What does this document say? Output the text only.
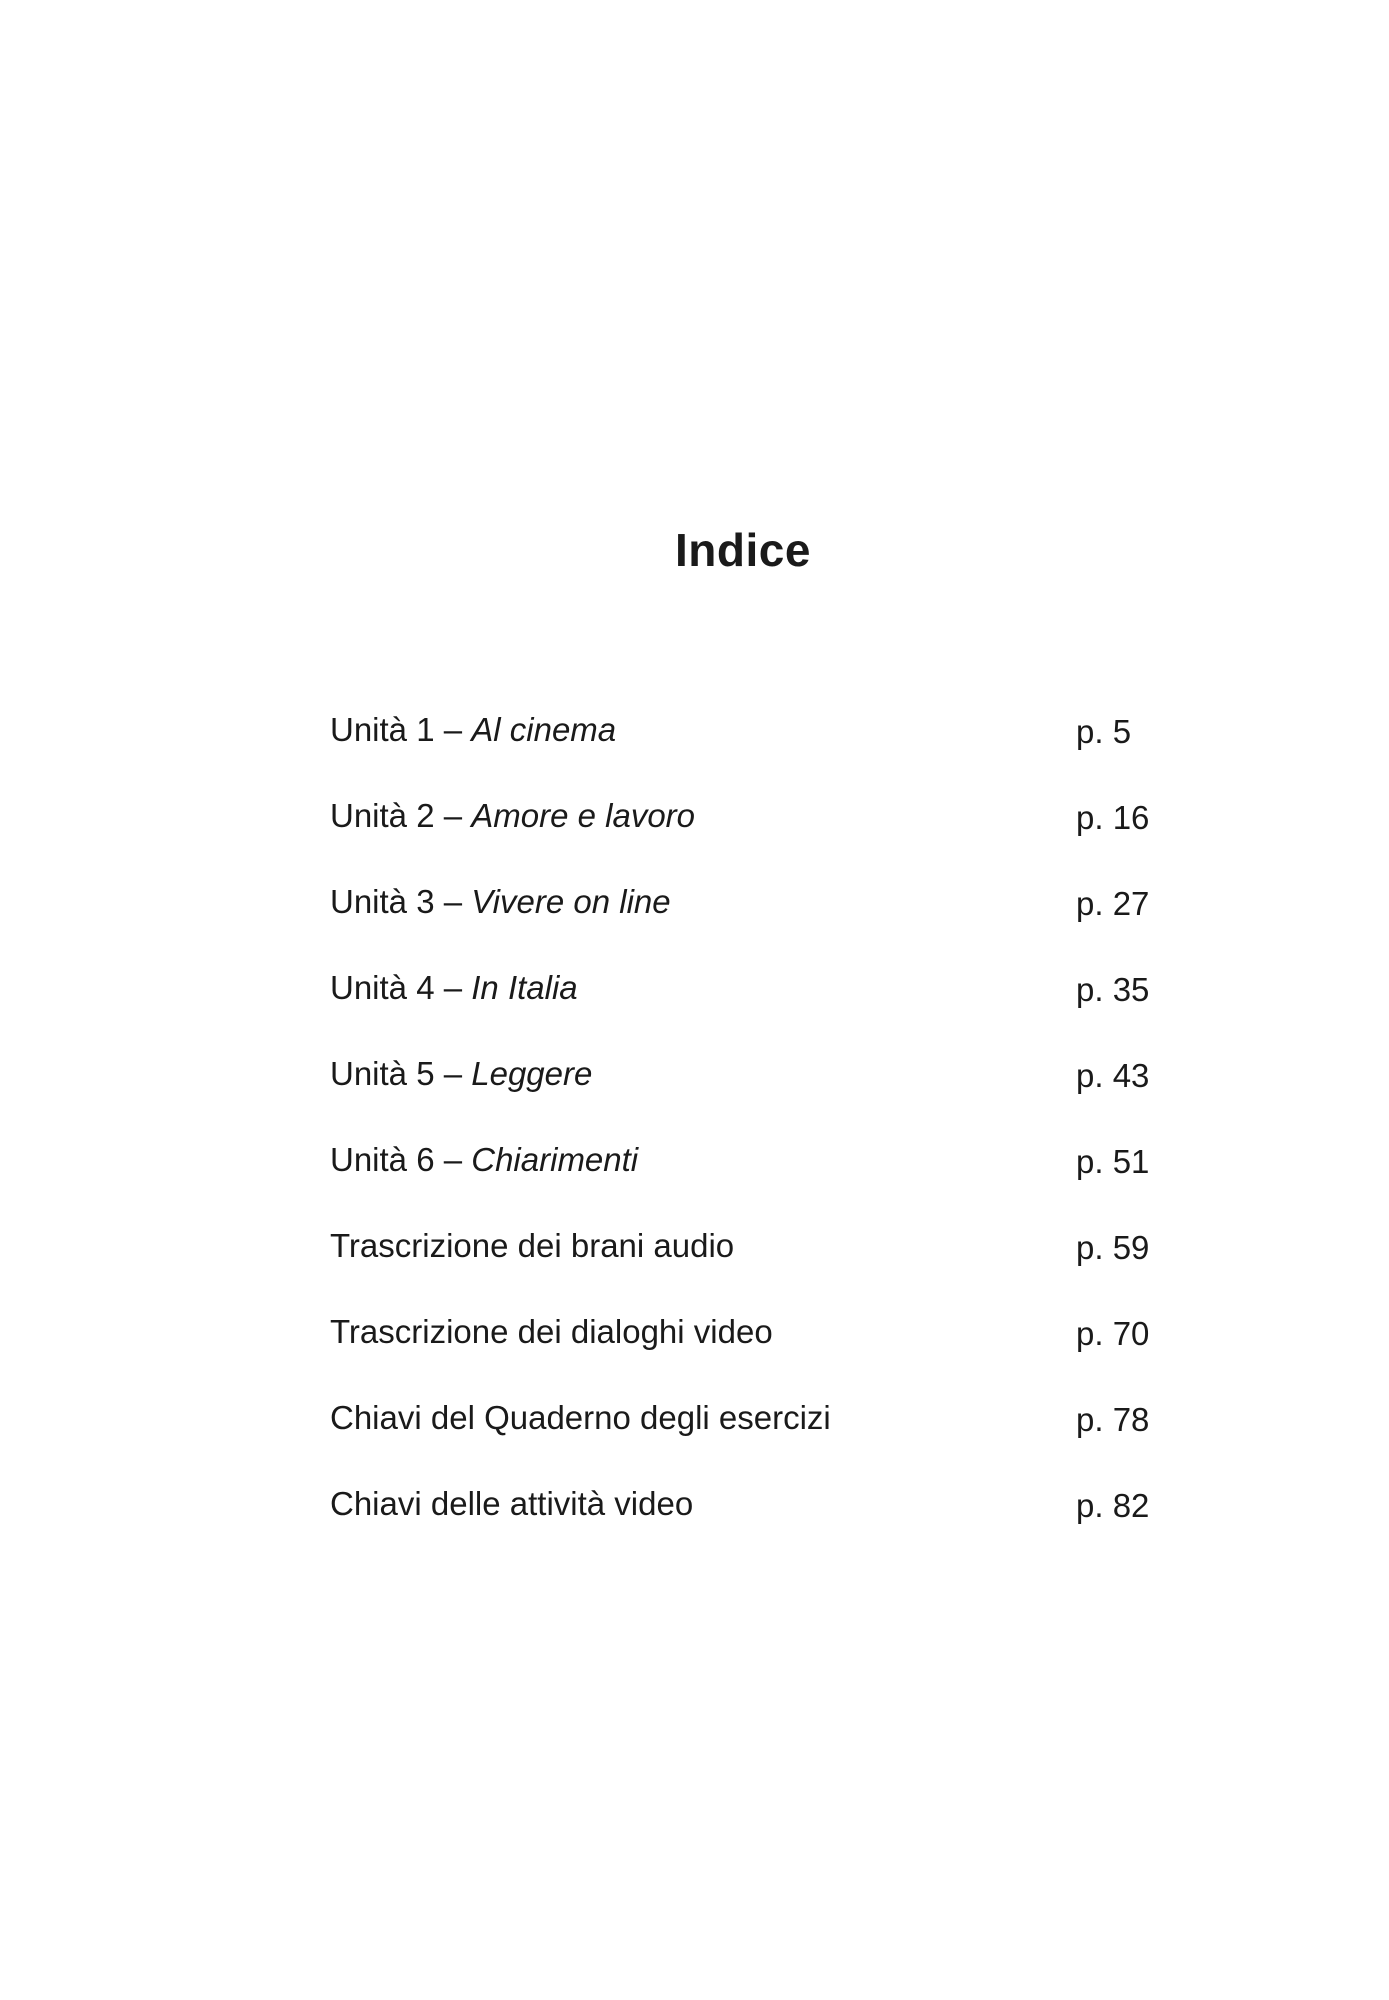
Indice
Unità 1 – Al cinema	p. 5
Unità 2 – Amore e lavoro	p. 16
Unità 3 – Vivere on line	p. 27
Unità 4 – In Italia	p. 35
Unità 5 – Leggere	p. 43
Unità 6 – Chiarimenti	p. 51
Trascrizione dei brani audio	p. 59
Trascrizione dei dialoghi video	p. 70
Chiavi del Quaderno degli esercizi	p. 78
Chiavi delle attività video	p. 82
